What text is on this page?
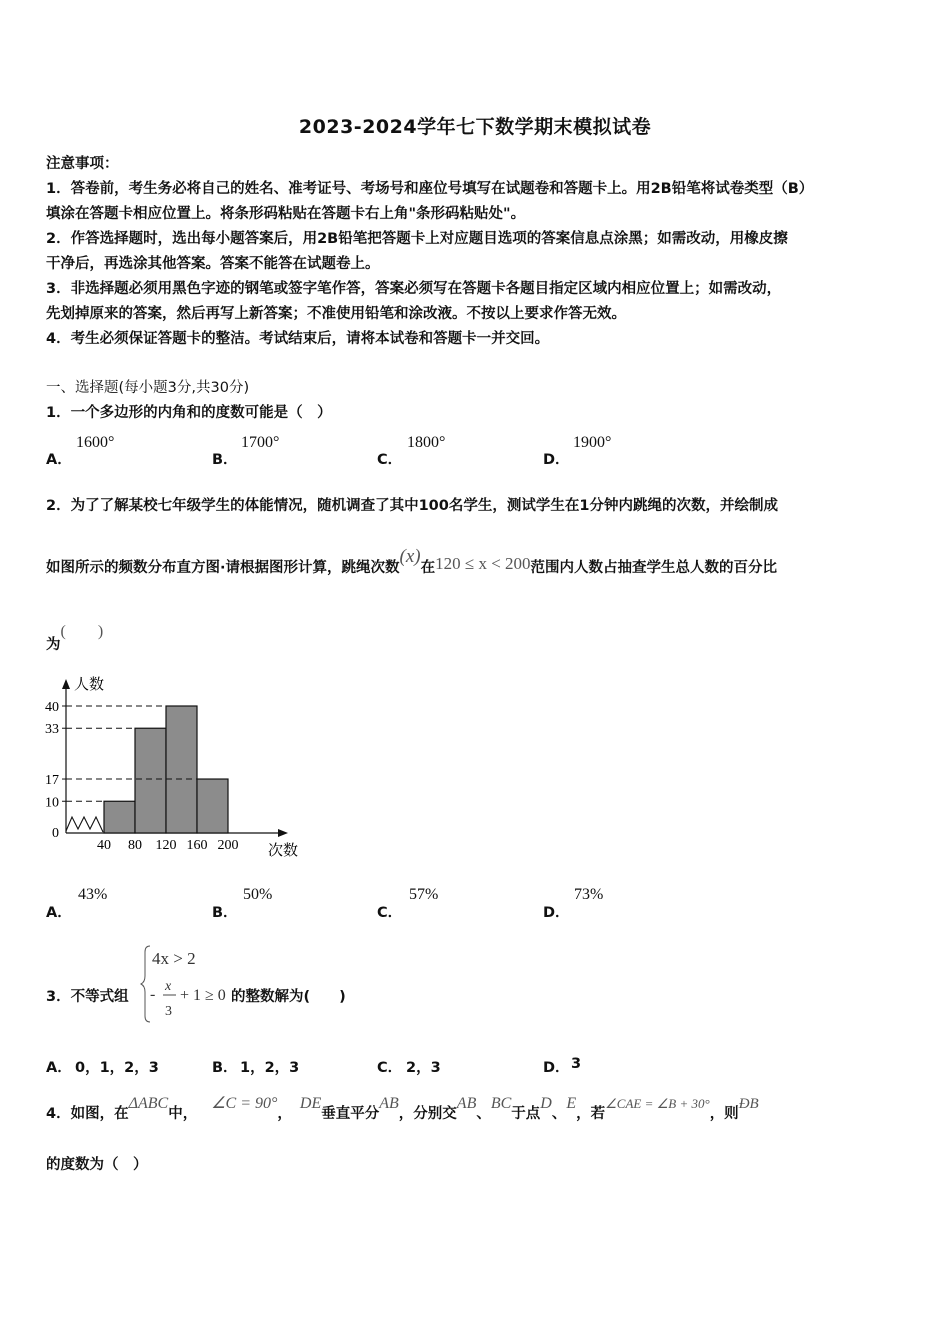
2023-2024学年七下数学期末模拟试卷
注意事项：
1．答卷前，考生务必将自己的姓名、准考证号、考场号和座位号填写在试题卷和答题卡上。用2B铅笔将试卷类型（B）
填涂在答题卡相应位置上。将条形码粘贴在答题卡右上角"条形码粘贴处"。
2．作答选择题时，选出每小题答案后，用2B铅笔把答题卡上对应题目选项的答案信息点涂黑；如需改动，用橡皮擦
干净后，再选涂其他答案。答案不能答在试题卷上。
3．非选择题必须用黑色字迹的钢笔或签字笔作答，答案必须写在答题卡各题目指定区域内相应位置上；如需改动，
先划掉原来的答案，然后再写上新答案；不准使用铅笔和涂改液。不按以上要求作答无效。
4．考生必须保证答题卡的整洁。考试结束后，请将本试卷和答题卡一并交回。
一、选择题(每小题3分,共30分)
1．一个多边形的内角和的度数可能是（　）
A．
1600°
B．
1700°
C．
1800°
D．
1900°
2．为了了解某校七年级学生的体能情况，随机调查了其中100名学生，测试学生在1分钟内跳绳的次数，并绘制成
如图所示的频数分布直方图·请根据图形计算，跳绳次数(x)在120 ≤ x < 200范围内人数占抽查学生总人数的百分比
为(　　)
40
33
17
10
0
40 80 120 160 200
人数
次数
A．
43%
B．
50%
C．
57%
D．
73%
3．不等式组
4x > 2
- x
3
+ 1 ≥ 0 的整数解为(　　)
A． 0，1，2，3	B． 1，2，3	C． 2，3	D． 3
4．如图，在ΔABC中，∠C = 90°，DE垂直平分AB，分别交AB、BC于点D、E，若∠CAE = ∠B + 30°，则ÐB
的度数为（　）
